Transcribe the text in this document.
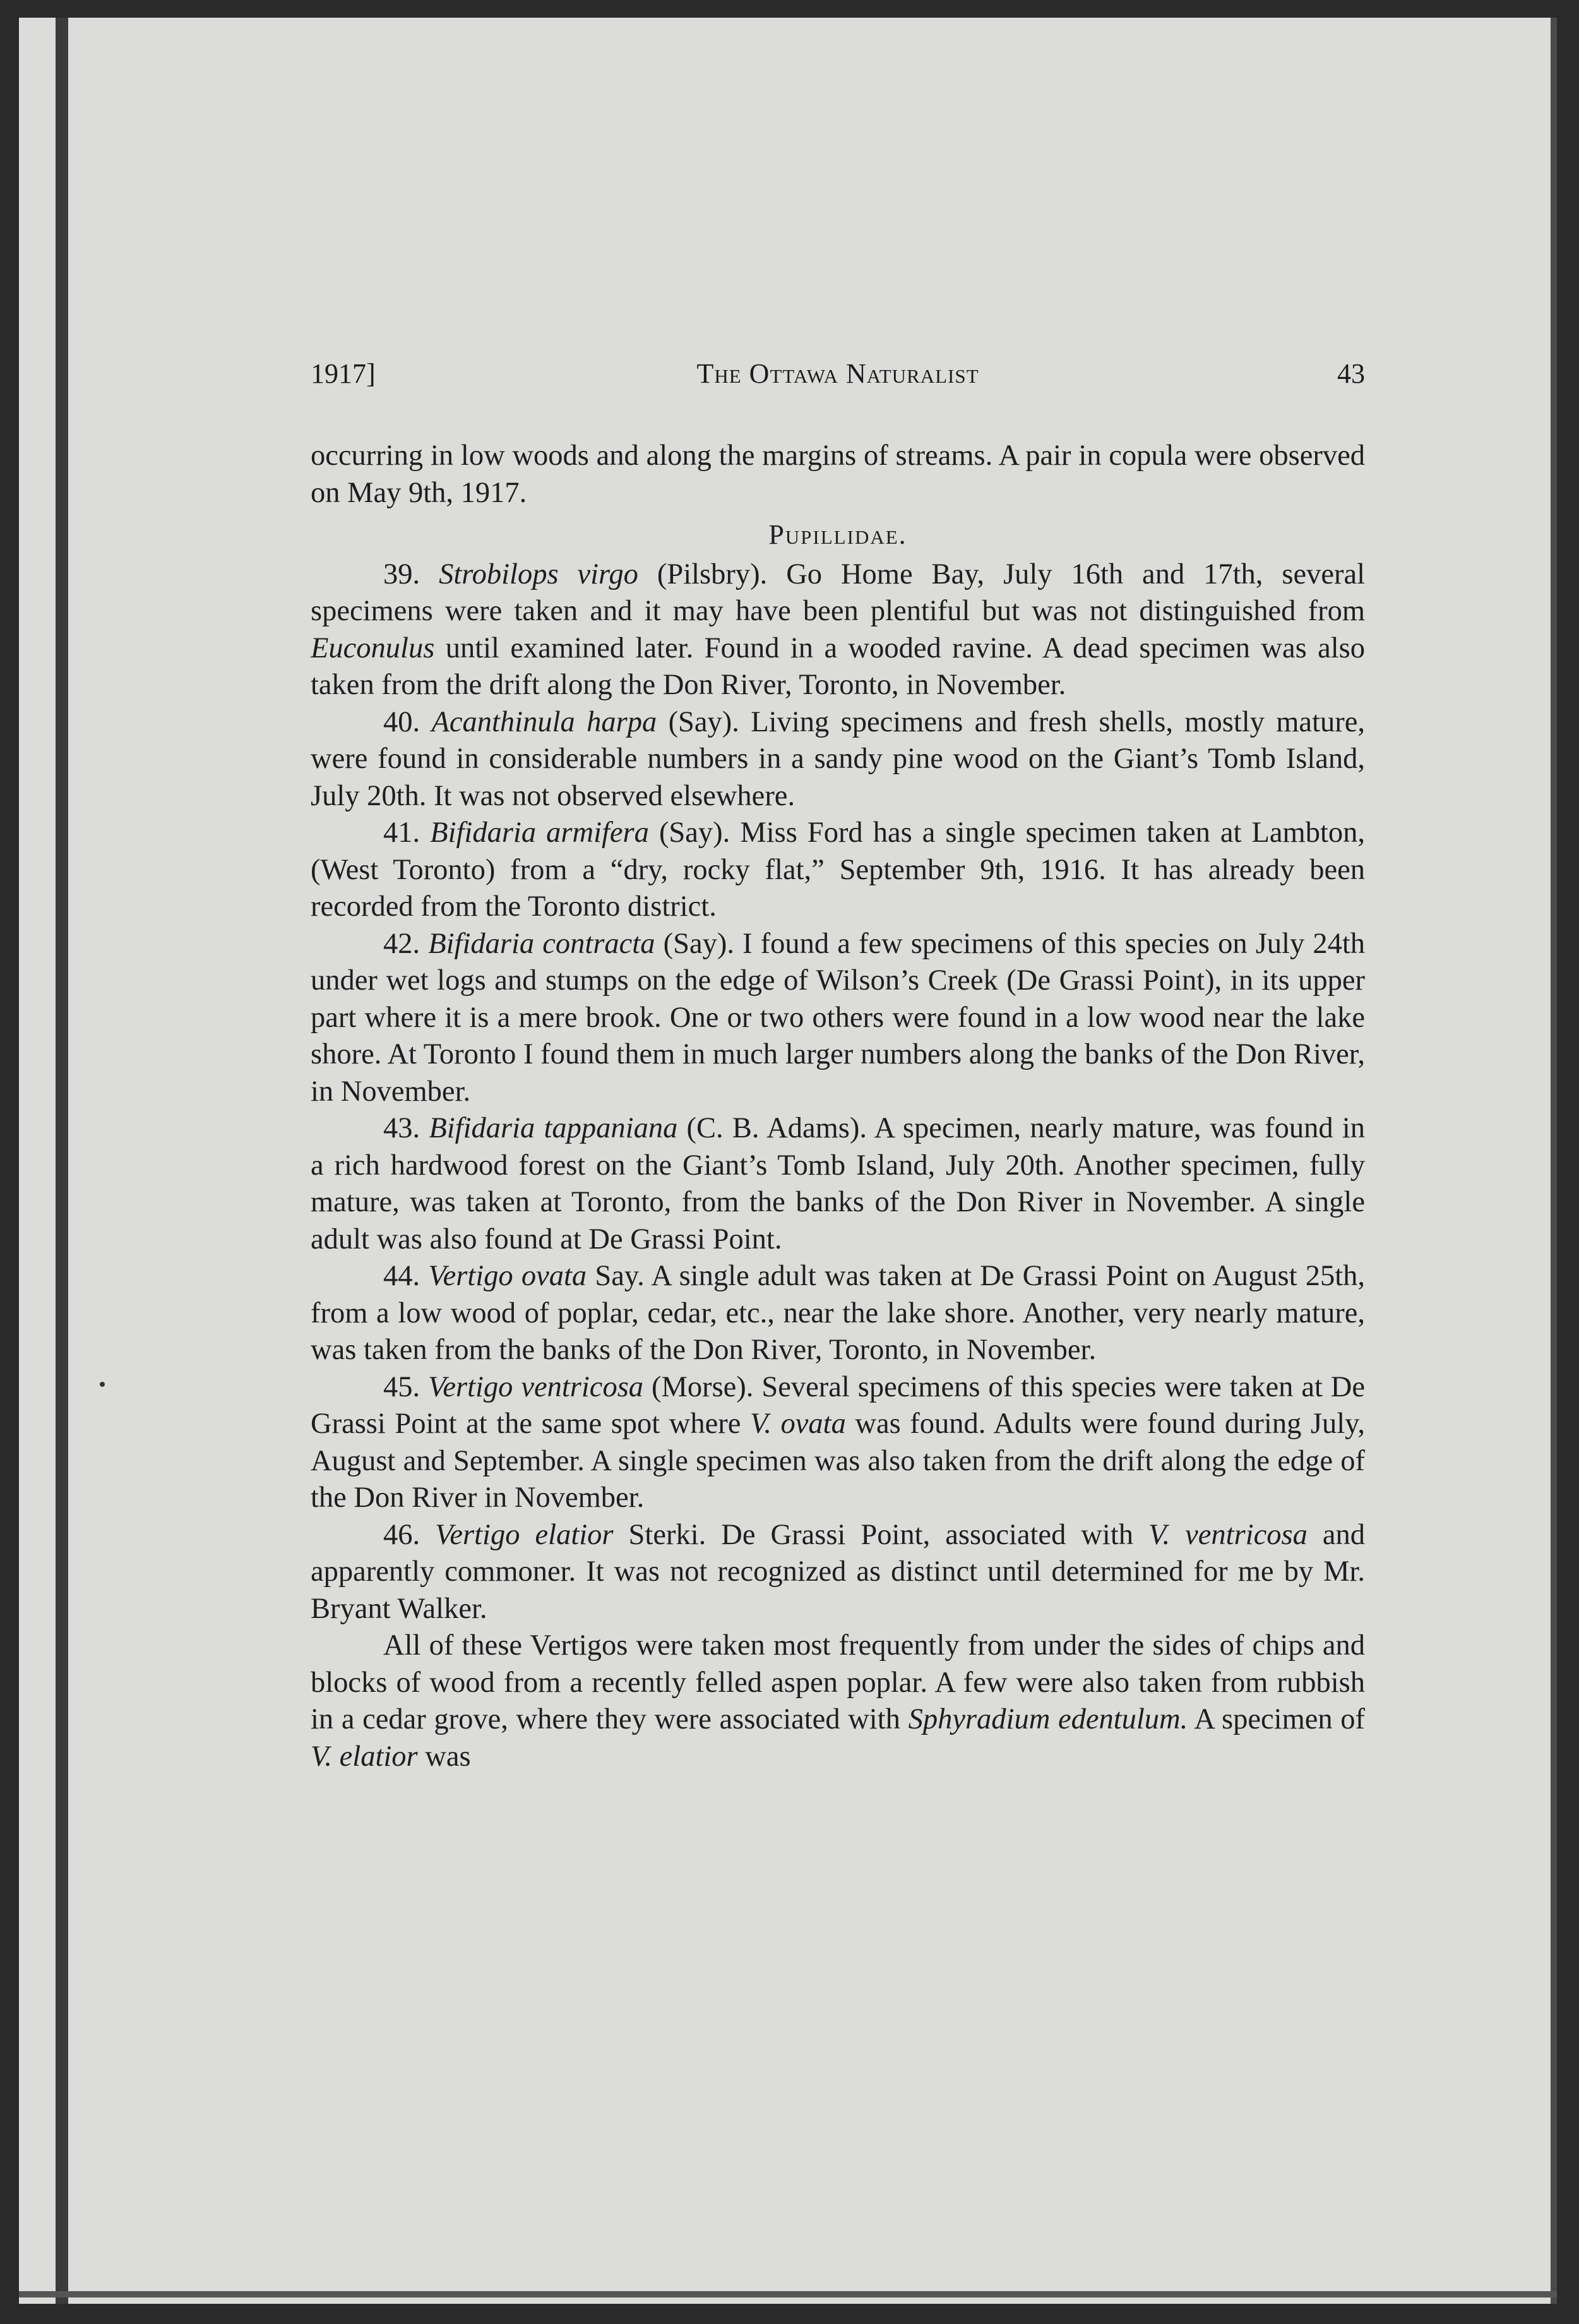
1917]	The Ottawa Naturalist	43

occurring in low woods and along the margins of streams. A pair in copula were observed on May 9th, 1917.

Pupillidae.

39. Strobilops virgo (Pilsbry). Go Home Bay, July 16th and 17th, several specimens were taken and it may have been plentiful but was not distinguished from Euconulus until examined later. Found in a wooded ravine. A dead specimen was also taken from the drift along the Don River, Toronto, in November.

40. Acanthinula harpa (Say). Living specimens and fresh shells, mostly mature, were found in considerable numbers in a sandy pine wood on the Giant’s Tomb Island, July 20th. It was not observed elsewhere.

41. Bifidaria armifera (Say). Miss Ford has a single specimen taken at Lambton, (West Toronto) from a “dry, rocky flat,” September 9th, 1916. It has already been recorded from the Toronto district.

42. Bifidaria contracta (Say). I found a few specimens of this species on July 24th under wet logs and stumps on the edge of Wilson’s Creek (De Grassi Point), in its upper part where it is a mere brook. One or two others were found in a low wood near the lake shore. At Toronto I found them in much larger numbers along the banks of the Don River, in November.

43. Bifidaria tappaniana (C. B. Adams). A specimen, nearly mature, was found in a rich hardwood forest on the Giant’s Tomb Island, July 20th. Another specimen, fully mature, was taken at Toronto, from the banks of the Don River in November. A single adult was also found at De Grassi Point.

44. Vertigo ovata Say. A single adult was taken at De Grassi Point on August 25th, from a low wood of poplar, cedar, etc., near the lake shore. Another, very nearly mature, was taken from the banks of the Don River, Toronto, in November.

45. Vertigo ventricosa (Morse). Several specimens of this species were taken at De Grassi Point at the same spot where V. ovata was found. Adults were found during July, August and September. A single specimen was also taken from the drift along the edge of the Don River in November.

46. Vertigo elatior Sterki. De Grassi Point, associated with V. ventricosa and apparently commoner. It was not recognized as distinct until determined for me by Mr. Bryant Walker.

All of these Vertigos were taken most frequently from under the sides of chips and blocks of wood from a recently felled aspen poplar. A few were also taken from rubbish in a cedar grove, where they were associated with Sphyradium edentulum. A specimen of V. elatior was
